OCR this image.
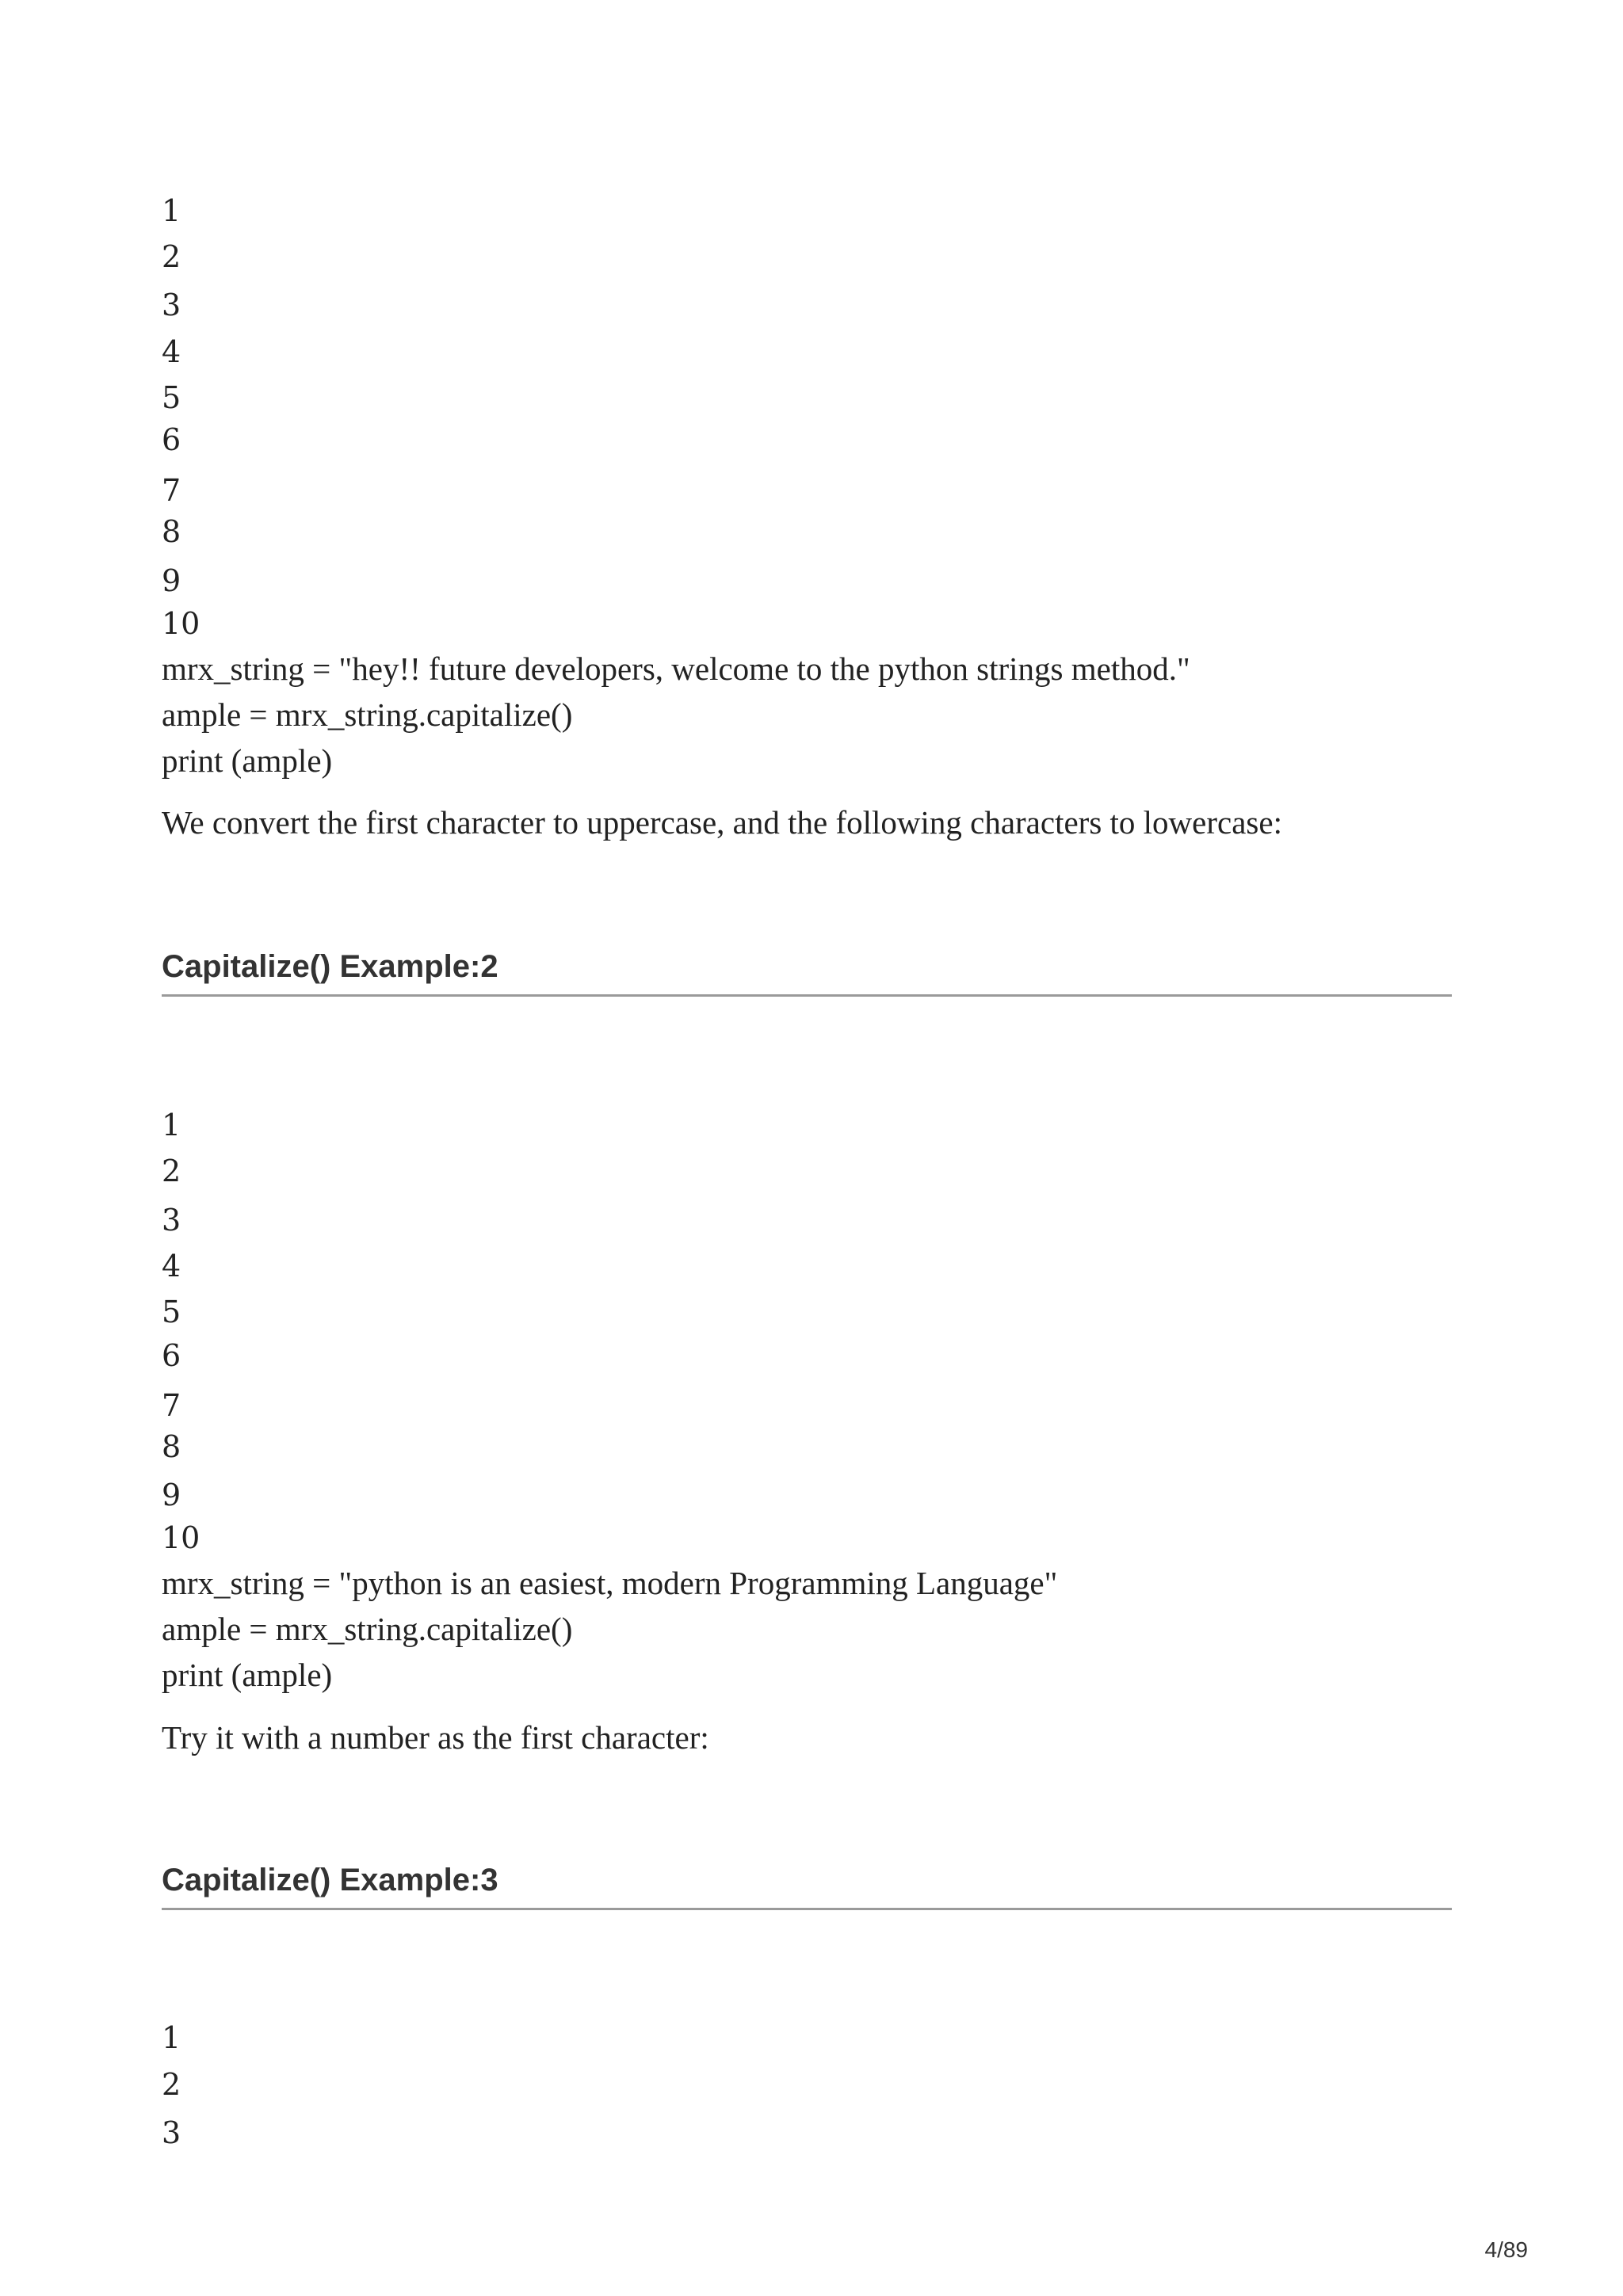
1
2
3
4
5
6
7
8
9
10
mrx_string = "hey!! future developers, welcome to the python strings method."
ample = mrx_string.capitalize()
print (ample)
We convert the first character to uppercase, and the following characters to lowercase:
Capitalize() Example:2
1
2
3
4
5
6
7
8
9
10
mrx_string = "python is an easiest, modern Programming Language"
ample = mrx_string.capitalize()
print (ample)
Try it with a number as the first character:
Capitalize() Example:3
1
2
3
4/89
